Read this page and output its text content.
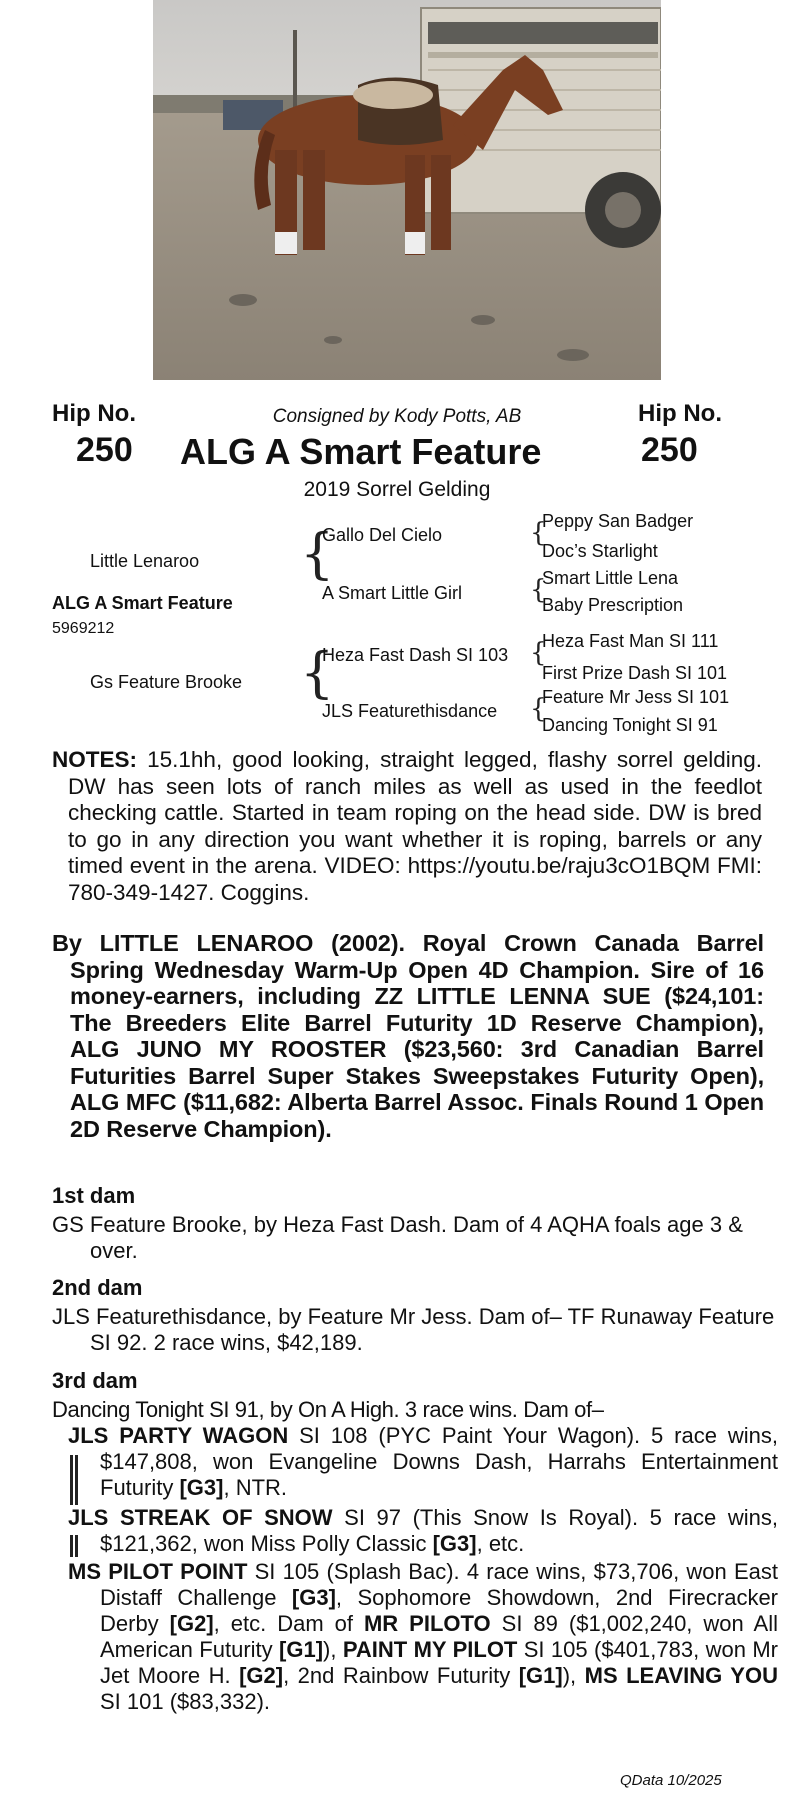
Hip No.
250
Hip No.
250
Consigned by Kody Potts, AB
ALG A Smart Feature
2019 Sorrel Gelding
Little Lenaroo
ALG A Smart Feature
5969212
Gs Feature Brooke
{
Gallo Del Cielo
A Smart Little Girl
{
Heza Fast Dash SI 103
JLS Featurethisdance
{
Peppy San Badger
Doc’s Starlight
{
Smart Little Lena
Baby Prescription
{
Heza Fast Man SI 111
First Prize Dash SI 101
{
Feature Mr Jess SI 101
Dancing Tonight SI 91
NOTES: 15.1hh, good looking, straight legged, flashy sorrel gelding. DW has seen lots of ranch miles as well as used in the feedlot checking cattle. Started in team roping on the head side. DW is bred to go in any direction you want whether it is roping, barrels or any timed event in the arena. VIDEO: https://youtu.be/raju3cO1BQM FMI: 780-349-1427. Coggins.
By LITTLE LENAROO (2002). Royal Crown Canada Barrel Spring Wednesday Warm-Up Open 4D Champion. Sire of 16 money-earners, including ZZ LITTLE LENNA SUE ($24,101: The Breeders Elite Barrel Futurity 1D Reserve Champion), ALG JUNO MY ROOSTER ($23,560: 3rd Canadian Barrel Futurities Barrel Super Stakes Sweepstakes Futurity Open), ALG MFC ($11,682: Alberta Barrel Assoc. Finals Round 1 Open 2D Reserve Champion).
1st dam
GS Feature Brooke, by Heza Fast Dash. Dam of 4 AQHA foals age 3 & over.
2nd dam
JLS Featurethisdance, by Feature Mr Jess. Dam of– TF Runaway Feature SI 92. 2 race wins, $42,189.
3rd dam
Dancing Tonight SI 91, by On A High. 3 race wins. Dam of–
JLS PARTY WAGON SI 108 (PYC Paint Your Wagon). 5 race wins, $147,808, won Evangeline Downs Dash, Harrahs Entertainment Futurity [G3], NTR.
JLS STREAK OF SNOW SI 97 (This Snow Is Royal). 5 race wins, $121,362, won Miss Polly Classic [G3], etc.
MS PILOT POINT SI 105 (Splash Bac). 4 race wins, $73,706, won East Distaff Challenge [G3], Sophomore Showdown, 2nd Firecracker Derby [G2], etc. Dam of MR PILOTO SI 89 ($1,002,240, won All American Futurity [G1]), PAINT MY PILOT SI 105 ($401,783, won Mr Jet Moore H. [G2], 2nd Rainbow Futurity [G1]), MS LEAVING YOU SI 101 ($83,332).
QData 10/2025
